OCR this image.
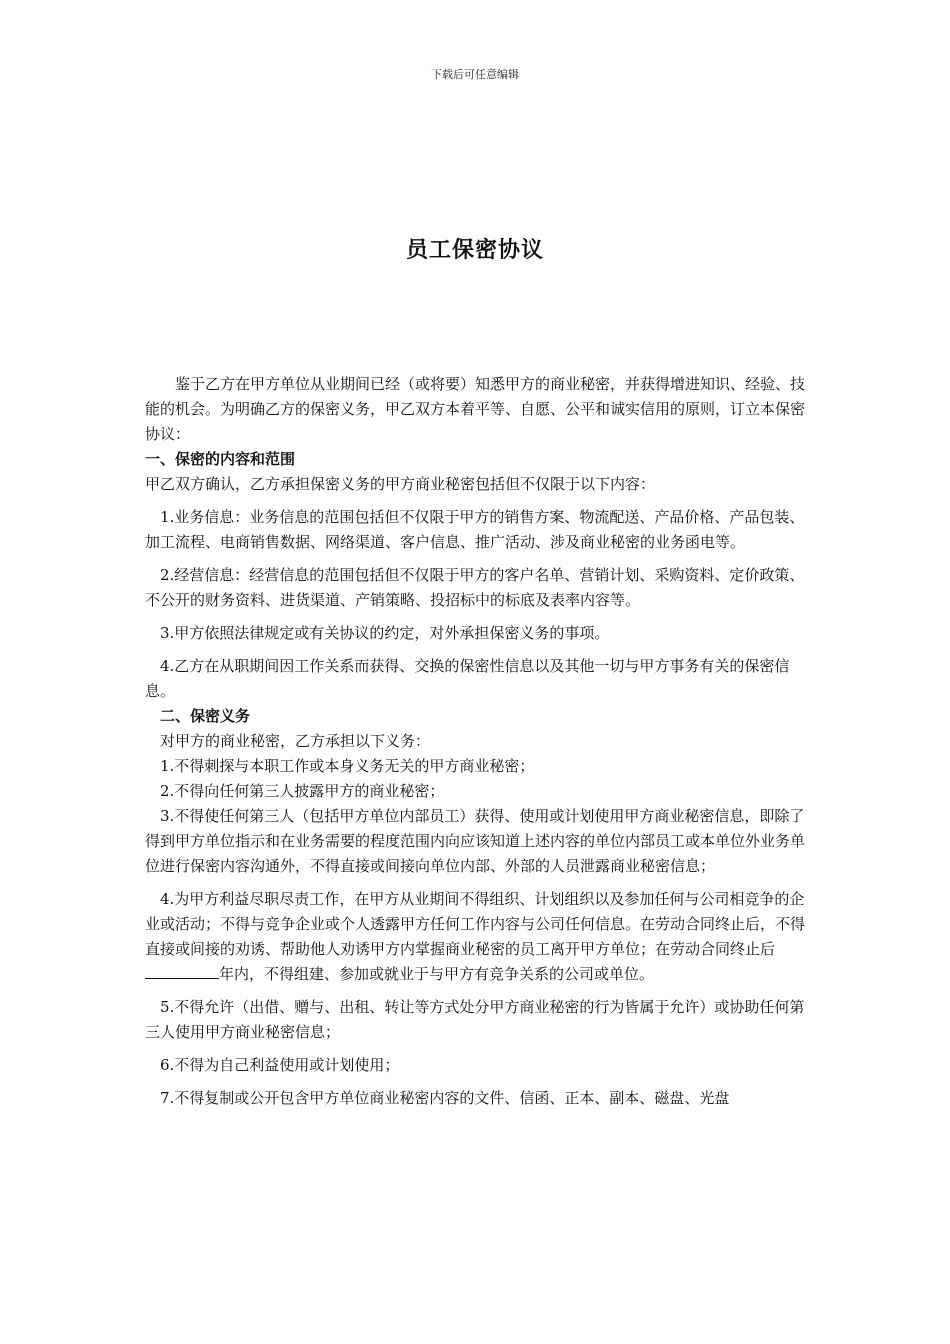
下载后可任意编辑
员工保密协议

鉴于乙方在甲方单位从业期间已经（或将要）知悉甲方的商业秘密，并获得增进知识、经验、技能的机会。为明确乙方的保密义务，甲乙双方本着平等、自愿、公平和诚实信用的原则，订立本保密协议：

一、保密的内容和范围

甲乙双方确认，乙方承担保密义务的甲方商业秘密包括但不仅限于以下内容：

1.业务信息：业务信息的范围包括但不仅限于甲方的销售方案、物流配送、产品价格、产品包装、加工流程、电商销售数据、网络渠道、客户信息、推广活动、涉及商业秘密的业务函电等。

2.经营信息：经营信息的范围包括但不仅限于甲方的客户名单、营销计划、采购资料、定价政策、不公开的财务资料、进货渠道、产销策略、投招标中的标底及表率内容等。

3.甲方依照法律规定或有关协议的约定，对外承担保密义务的事项。

4.乙方在从职期间因工作关系而获得、交换的保密性信息以及其他一切与甲方事务有关的保密信息。

二、保密义务

对甲方的商业秘密，乙方承担以下义务：

1.不得刺探与本职工作或本身义务无关的甲方商业秘密；

2.不得向任何第三人披露甲方的商业秘密；

3.不得使任何第三人（包括甲方单位内部员工）获得、使用或计划使用甲方商业秘密信息，即除了得到甲方单位指示和在业务需要的程度范围内向应该知道上述内容的单位内部员工或本单位外业务单位进行保密内容沟通外，不得直接或间接向单位内部、外部的人员泄露商业秘密信息；

4.为甲方利益尽职尽责工作，在甲方从业期间不得组织、计划组织以及参加任何与公司相竞争的企业或活动；不得与竞争企业或个人透露甲方任何工作内容与公司任何信息。在劳动合同终止后，不得直接或间接的劝诱、帮助他人劝诱甲方内掌握商业秘密的员工离开甲方单位；在劳动合同终止后年内，不得组建、参加或就业于与甲方有竞争关系的公司或单位。

5.不得允许（出借、赠与、出租、转让等方式处分甲方商业秘密的行为皆属于允许）或协助任何第三人使用甲方商业秘密信息；

6.不得为自己利益使用或计划使用；

7.不得复制或公开包含甲方单位商业秘密内容的文件、信函、正本、副本、磁盘、光盘
